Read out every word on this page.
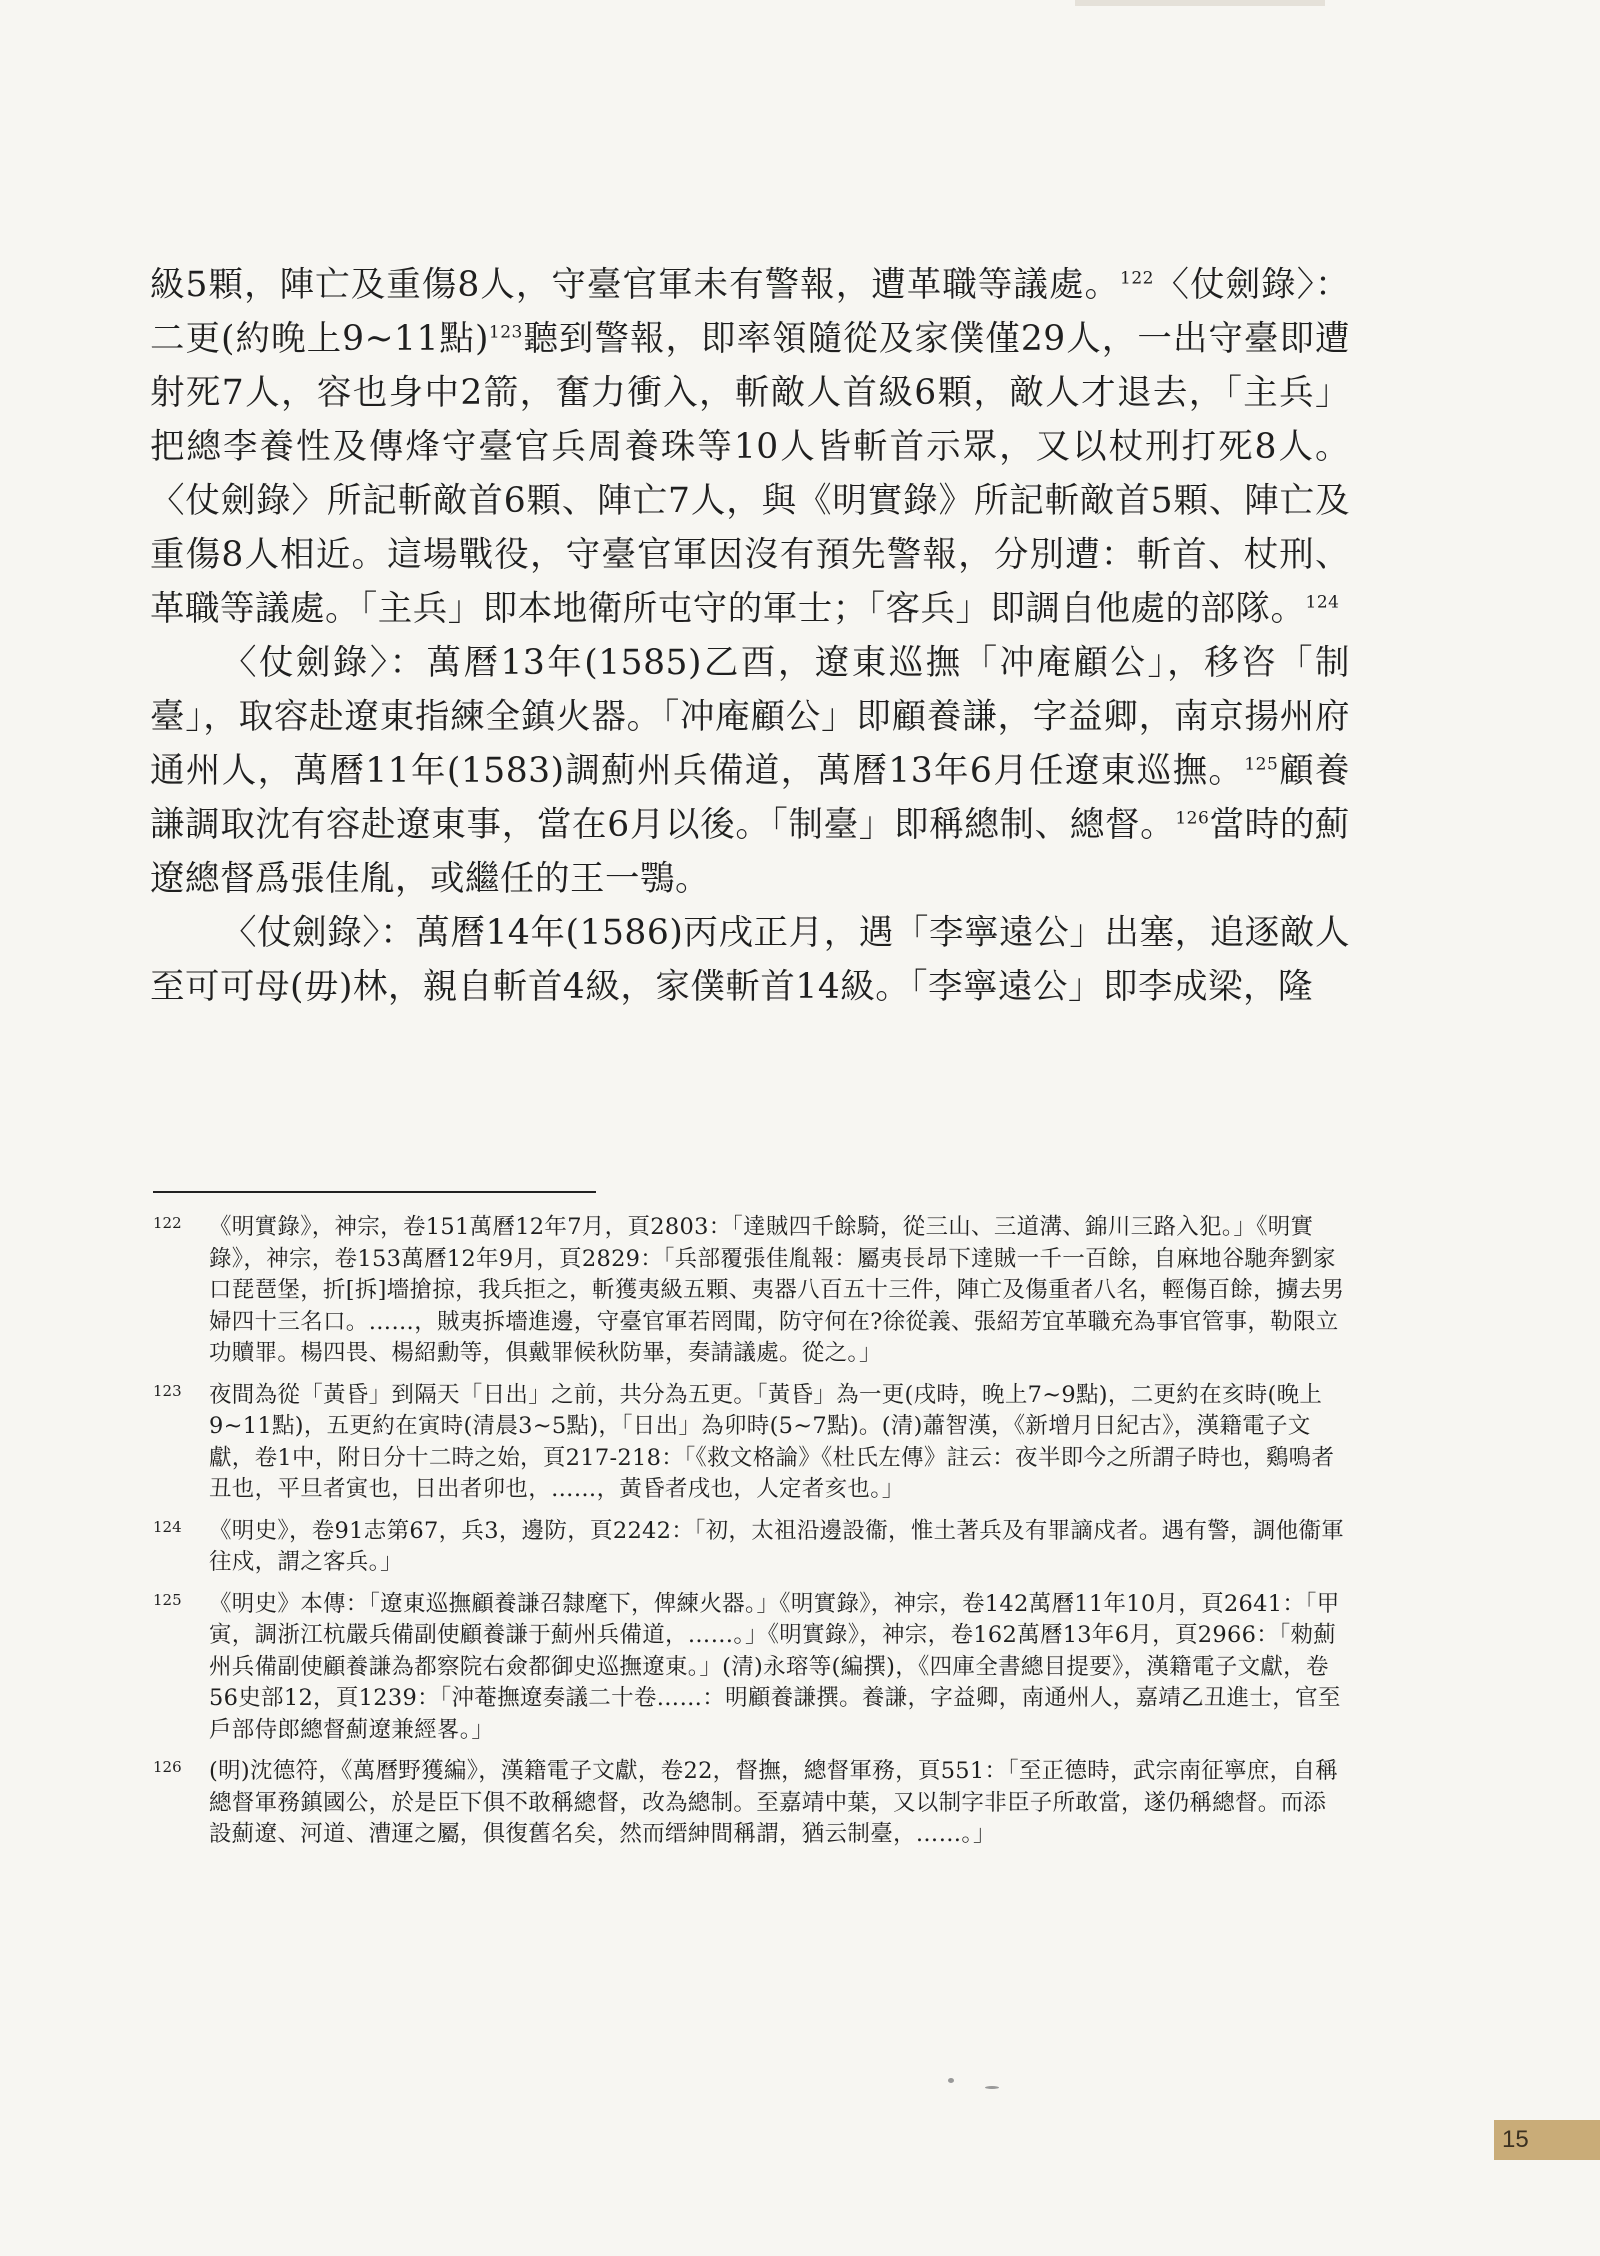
級5顆，陣亡及重傷8人，守臺官軍未有警報，遭革職等議處。$^{122}$〈仗劍錄〉：二更(約晚上9~11點)$^{123}$聽到警報，即率領隨從及家僕僅29人，一出守臺即遭射死7人，容也身中2箭，奮力衝入，斬敵人首級6顆，敵人才退去，「主兵」把總李養性及傳烽守臺官兵周養珠等10人皆斬首示眾，又以杖刑打死8人。〈仗劍錄〉所記斬敵首6顆、陣亡7人，與《明實錄》所記斬敵首5顆、陣亡及重傷8人相近。這場戰役，守臺官軍因沒有預先警報，分別遭：斬首、杖刑、革職等議處。「主兵」即本地衛所屯守的軍士；「客兵」即調自他處的部隊。$^{124}$

〈仗劍錄〉：萬曆13年(1585)乙酉，遼東巡撫「冲庵顧公」，移咨「制臺」，取容赴遼東指練全鎮火器。「冲庵顧公」即顧養謙，字益卿，南京揚州府通州人，萬曆11年(1583)調薊州兵備道，萬曆13年6月任遼東巡撫。$^{125}$顧養謙調取沈有容赴遼東事，當在6月以後。「制臺」即稱總制、總督。$^{126}$當時的薊遼總督爲張佳胤，或繼任的王一鶚。

〈仗劍錄〉：萬曆14年(1586)丙戌正月，遇「李寧遠公」出塞，追逐敵人至可可母(毋)林，親自斬首4級，家僕斬首14級。「李寧遠公」即李成梁，隆

122	《明實錄》，神宗，卷151萬曆12年7月，頁2803：「達賊四千餘騎，從三山、三道溝、錦川三路入犯。」《明實錄》，神宗，卷153萬曆12年9月，頁2829：「兵部覆張佳胤報：屬夷長昂下達賊一千一百餘，自麻地谷馳奔劉家口琵琶堡，折[拆]墻搶掠，我兵拒之，斬獲夷級五顆、夷器八百五十三件，陣亡及傷重者八名，輕傷百餘，擄去男婦四十三名口。……，賊夷拆墻進邊，守臺官軍若罔聞，防守何在?徐從義、張紹芳宜革職充為事官管事，勒限立功贖罪。楊四畏、楊紹勳等，俱戴罪候秋防畢，奏請議處。從之。」
123	夜間為從「黃昏」到隔天「日出」之前，共分為五更。「黃昏」為一更(戌時，晚上7~9點)，二更約在亥時(晚上9~11點)，五更約在寅時(清晨3~5點)，「日出」為卯時(5~7點)。(清)蕭智漢，《新增月日紀古》，漢籍電子文獻，卷1中，附日分十二時之始，頁217-218：「《救文格論》《杜氏左傳》註云：夜半即今之所謂子時也，鷄鳴者丑也，平旦者寅也，日出者卯也，……，黃昏者戌也，人定者亥也。」
124	《明史》，卷91志第67，兵3，邊防，頁2242：「初，太祖沿邊設衞，惟土著兵及有罪謫戍者。遇有警，調他衞軍往戍，謂之客兵。」
125	《明史》本傳：「遼東巡撫顧養謙召隸麾下，俾練火器。」《明實錄》，神宗，卷142萬曆11年10月，頁2641：「甲寅，調浙江杭嚴兵備副使顧養謙于薊州兵備道，……。」《明實錄》，神宗，卷162萬曆13年6月，頁2966：「勑薊州兵備副使顧養謙為都察院右僉都御史巡撫遼東。」(清)永瑢等(編撰)，《四庫全書總目提要》，漢籍電子文獻，卷56史部12，頁1239：「沖菴撫遼奏議二十卷……：明顧養謙撰。養謙，字益卿，南通州人，嘉靖乙丑進士，官至戶部侍郎總督薊遼兼經畧。」
126	(明)沈德符，《萬曆野獲編》，漢籍電子文獻，卷22，督撫，總督軍務，頁551：「至正德時，武宗南征寧庶，自稱總督軍務鎮國公，於是臣下俱不敢稱總督，改為總制。至嘉靖中葉，又以制字非臣子所敢當，遂仍稱總督。而添設薊遼、河道、漕運之屬，俱復舊名矣，然而缙紳間稱謂，猶云制臺，……。」
15
